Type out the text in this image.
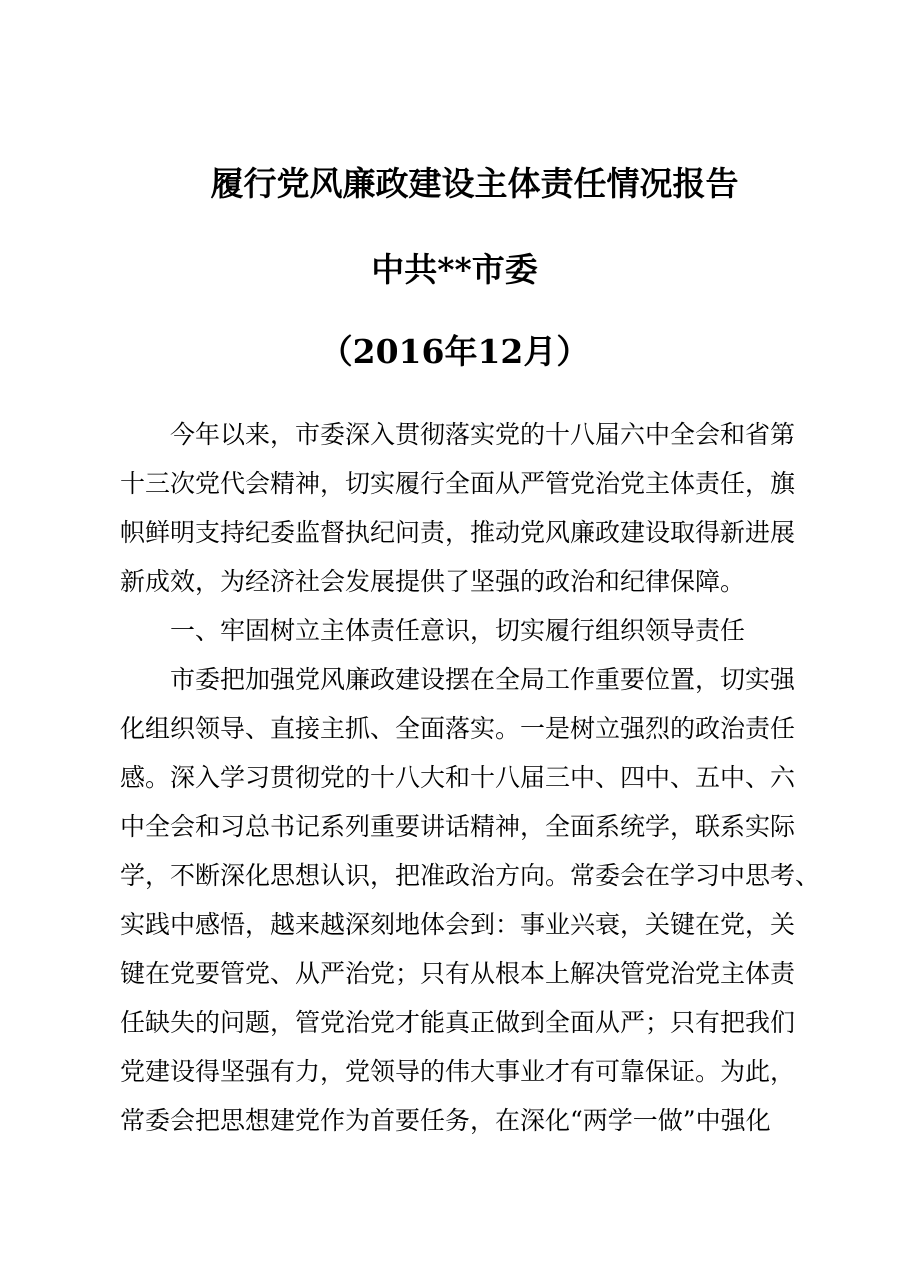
履行党风廉政建设主体责任情况报告
中共**市委
（2016年12月）

今年以来，市委深入贯彻落实党的十八届六中全会和省第
十三次党代会精神，切实履行全面从严管党治党主体责任，旗
帜鲜明支持纪委监督执纪问责，推动党风廉政建设取得新进展
新成效，为经济社会发展提供了坚强的政治和纪律保障。

一、牢固树立主体责任意识，切实履行组织领导责任

市委把加强党风廉政建设摆在全局工作重要位置，切实强
化组织领导、直接主抓、全面落实。一是树立强烈的政治责任
感。深入学习贯彻党的十八大和十八届三中、四中、五中、六
中全会和习总书记系列重要讲话精神，全面系统学，联系实际
学，不断深化思想认识，把准政治方向。常委会在学习中思考、
实践中感悟，越来越深刻地体会到：事业兴衰，关键在党，关
键在党要管党、从严治党；只有从根本上解决管党治党主体责
任缺失的问题，管党治党才能真正做到全面从严；只有把我们
党建设得坚强有力，党领导的伟大事业才有可靠保证。为此，
常委会把思想建党作为首要任务，在深化“两学一做”中强化
